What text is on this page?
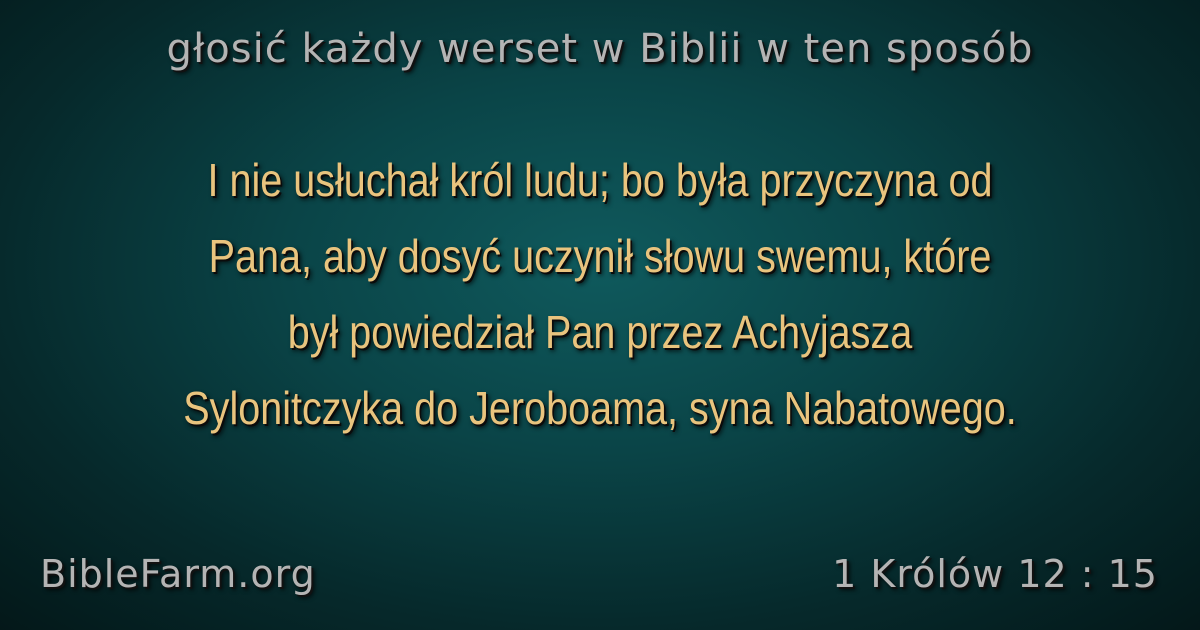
głosić każdy werset w Biblii w ten sposób
I nie usłuchał król ludu; bo była przyczyna od
Pana, aby dosyć uczynił słowu swemu, które
był powiedział Pan przez Achyjasza
Sylonitczyka do Jeroboama, syna Nabatowego.
BibleFarm.org	1 Królów 12 : 15
